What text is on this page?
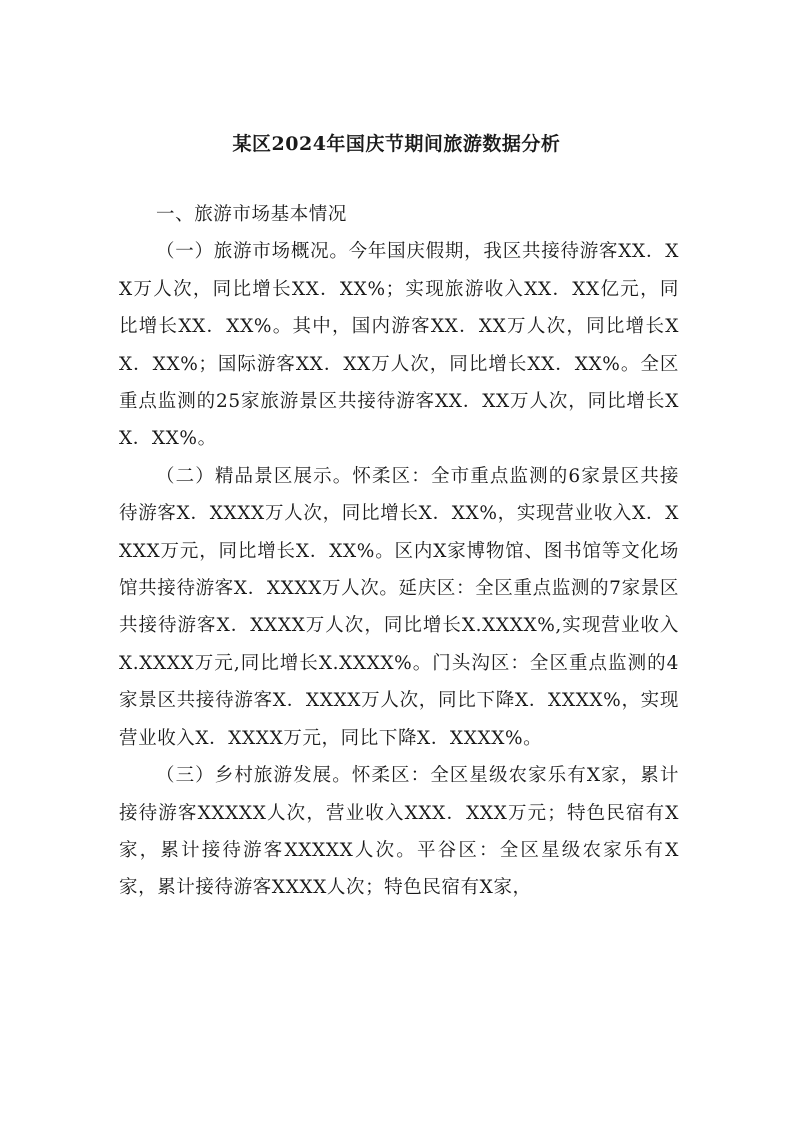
某区2024年国庆节期间旅游数据分析

一、旅游市场基本情况

（一）旅游市场概况。今年国庆假期，我区共接待游客XX．XX万人次，同比增长XX．XX%；实现旅游收入XX．XX亿元，同比增长XX．XX%。其中，国内游客XX．XX万人次，同比增长XX．XX%；国际游客XX．XX万人次，同比增长XX．XX%。全区重点监测的25家旅游景区共接待游客XX．XX万人次，同比增长XX．XX%。

（二）精品景区展示。怀柔区：全市重点监测的6家景区共接待游客X．XXXX万人次，同比增长X．XX%，实现营业收入X．XXXX万元，同比增长X．XX%。区内X家博物馆、图书馆等文化场馆共接待游客X．XXXX万人次。延庆区：全区重点监测的7家景区共接待游客X．XXXX万人次，同比增长X.XXXX%,实现营业收入X.XXXX万元,同比增长X.XXXX%。门头沟区：全区重点监测的4家景区共接待游客X．XXXX万人次，同比下降X．XXXX%，实现营业收入X．XXXX万元，同比下降X．XXXX%。

（三）乡村旅游发展。怀柔区：全区星级农家乐有X家，累计接待游客XXXXX人次，营业收入XXX．XXX万元；特色民宿有X家，累计接待游客XXXXX人次。平谷区：全区星级农家乐有X家，累计接待游客XXXX人次；特色民宿有X家，
